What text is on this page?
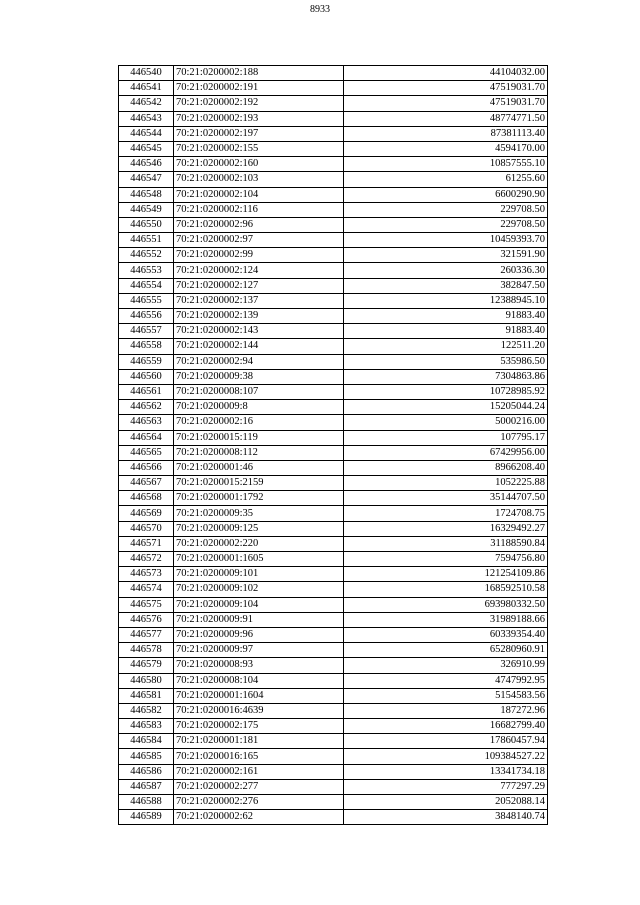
8933
446540	70:21:0200002:188	44104032.00
446541	70:21:0200002:191	47519031.70
446542	70:21:0200002:192	47519031.70
446543	70:21:0200002:193	48774771.50
446544	70:21:0200002:197	87381113.40
446545	70:21:0200002:155	4594170.00
446546	70:21:0200002:160	10857555.10
446547	70:21:0200002:103	61255.60
446548	70:21:0200002:104	6600290.90
446549	70:21:0200002:116	229708.50
446550	70:21:0200002:96	229708.50
446551	70:21:0200002:97	10459393.70
446552	70:21:0200002:99	321591.90
446553	70:21:0200002:124	260336.30
446554	70:21:0200002:127	382847.50
446555	70:21:0200002:137	12388945.10
446556	70:21:0200002:139	91883.40
446557	70:21:0200002:143	91883.40
446558	70:21:0200002:144	122511.20
446559	70:21:0200002:94	535986.50
446560	70:21:0200009:38	7304863.86
446561	70:21:0200008:107	10728985.92
446562	70:21:0200009:8	15205044.24
446563	70:21:0200002:16	5000216.00
446564	70:21:0200015:119	107795.17
446565	70:21:0200008:112	67429956.00
446566	70:21:0200001:46	8966208.40
446567	70:21:0200015:2159	1052225.88
446568	70:21:0200001:1792	35144707.50
446569	70:21:0200009:35	1724708.75
446570	70:21:0200009:125	16329492.27
446571	70:21:0200002:220	31188590.84
446572	70:21:0200001:1605	7594756.80
446573	70:21:0200009:101	121254109.86
446574	70:21:0200009:102	168592510.58
446575	70:21:0200009:104	693980332.50
446576	70:21:0200009:91	31989188.66
446577	70:21:0200009:96	60339354.40
446578	70:21:0200009:97	65280960.91
446579	70:21:0200008:93	326910.99
446580	70:21:0200008:104	4747992.95
446581	70:21:0200001:1604	5154583.56
446582	70:21:0200016:4639	187272.96
446583	70:21:0200002:175	16682799.40
446584	70:21:0200001:181	17860457.94
446585	70:21:0200016:165	109384527.22
446586	70:21:0200002:161	13341734.18
446587	70:21:0200002:277	777297.29
446588	70:21:0200002:276	2052088.14
446589	70:21:0200002:62	3848140.74
